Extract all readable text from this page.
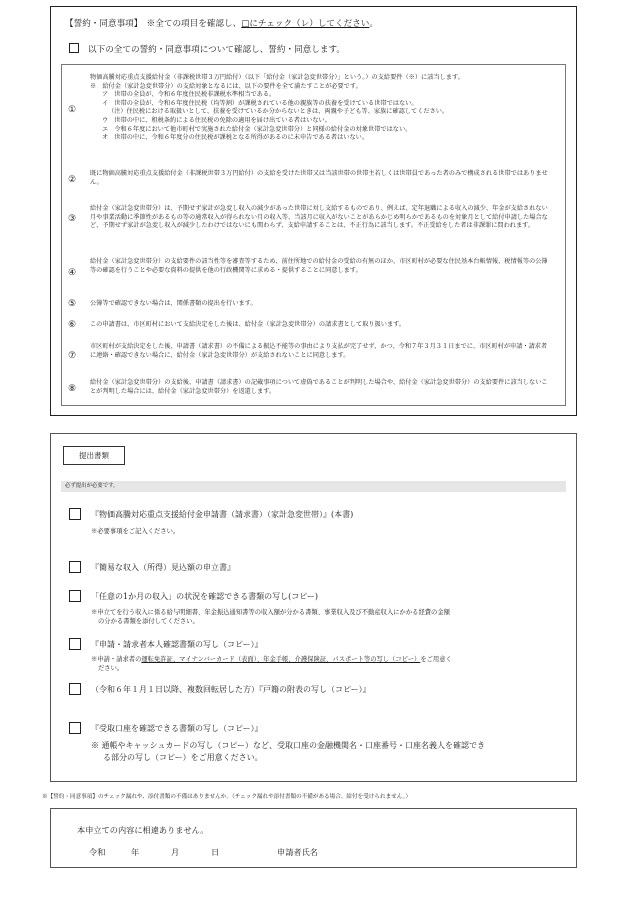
【誓約・同意事項】　 ※全ての項目を確認し、□にチェック（レ）してください。
以下の全ての誓約・同意事項について確認し、誓約・同意します。
①
物価高騰対応重点支援給付金（非課税世帯３万円給付）（以下「給付金（家計急変世帯分）」という。）の支給要件（※）に該当します。
※　給付金（家計急変世帯分）の支給対象となるには、以下の要件を全て満たすことが必要です。
ア　世帯の全員が、令和６年度住民税非課税水準相当である。
イ　世帯の全員が、令和６年度住民税（均等割）が課税されている他の親族等の扶養を受けている世帯ではない。
（注）住民税における取扱いとして、扶養を受けているか分からないときは、両親や子ども等、家族に確認してください。
ウ　世帯の中に、租税条約による住民税の免除の適用を届け出ている者はいない。
エ　令和６年度において他市町村で実施された給付金（家計急変世帯分）と同様の給付金の対象世帯ではない。
オ　世帯の中に、令和６年度分の住民税が課税となる所得があるのに未申告である者はいない。
②
既に物価高騰対応重点支援給付金（非課税世帯３万円給付）の支給を受けた世帯又は当該世帯の世帯主若しくは世帯員であった者のみで構成される世帯ではありません。
③
給付金（家計急変世帯分）は、予期せず家計が急変し収入の減少があった世帯に対し支給するものであり、例えば、定年退職による収入の減少、年金が支給されない月や事業活動に季節性があるもの等の通常収入が得られない月の収入等、当該月に収入がないことがあらかじめ明らかであるものを対象月として給付申請した場合など、予期せず家計が急変し収入が減少したわけではないにも関わらず、支給申請することは、不正行為に該当します。不正受給をした者は非課罪に問われます。
④
給付金（家計急変世帯分）の支給要件の該当性等を審査等するため、前住所地での給付金の受給の有無のほか、市区町村が必要な住民基本台帳情報、税情報等の公簿等の確認を行うことや必要な資料の提供を他の行政機関等に求める・提供することに同意します。
⑤ 公簿等で確認できない場合は、関係書類の提出を行います。
⑥ この申請書は、市区町村において支給決定をした後は、給付金（家計急変世帯分）の請求書として取り扱います。
⑦
市区町村が支給決定をした後、申請書（請求書）の不備による振込不能等の事由により支払が完了せず、かつ、令和７年３月３１日までに、市区町村が申請・請求者に連絡・確認できない場合に、給付金（家計急変世帯分）が支給されないことに同意します。
⑧
給付金（家計急変世帯分）の支給後、申請書（請求書）の記載事項について虚偽であることが判明した場合や、給付金（家計急変世帯分）の支給要件に該当しないことが判明した場合には、給付金（家計急変世帯分）を返還します。
提出書類
必ず提出が必要です。
『物価高騰対応重点支援給付金申請書（請求書）（家計急変世帯）』(本書)
※必要事項をご記入ください。
『簡易な収入（所得）見込額の申立書』
「任意の1か月の収入」の状況を確認できる書類の写し(コピー)
※申立てを行う収入に係る給与明細書、年金振込通知書等の収入額が分かる書類、事業収入及び不動産収入にかかる経費の金額
の分かる書類を添付してください。
『申請・請求者本人確認書類の写し（コピー）』
※申請・請求者の運転免許証、マイナンバーカード（表面）、年金手帳、介護保険証、パスポート等の写し（コピー）をご用意く
ださい。
（令和６年１月１日以降、複数回転居した方）『戸籍の附表の写し（コピー）』
『受取口座を確認できる書類の写し（コピー）』
※ 通帳やキャッシュカードの写し（コピー）など、受取口座の金融機関名・口座番号・口座名義人を確認でき
る部分の写し（コピー）をご用意ください。
※【誓約・同意事項】のチェック漏れや、添付書類の不備はありませんか。（チェック漏れや添付書類の不備がある場合、給付を受けられません。）
本申立ての内容に相違ありません。
令和	年	月	日	申請者氏名
